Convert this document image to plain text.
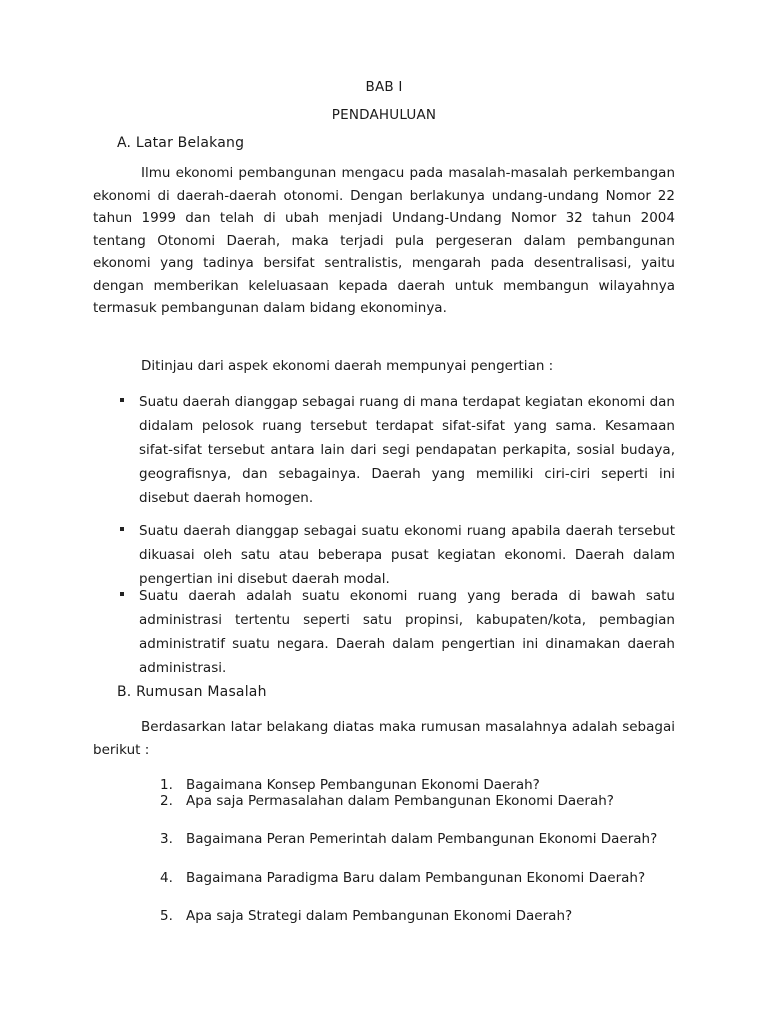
BAB I
PENDAHULUAN
A. Latar Belakang

Ilmu ekonomi pembangunan mengacu pada masalah-masalah perkembangan ekonomi di daerah-daerah otonomi. Dengan berlakunya undang-undang Nomor 22 tahun 1999 dan telah di ubah menjadi Undang-Undang Nomor 32 tahun 2004 tentang Otonomi Daerah, maka terjadi pula pergeseran dalam pembangunan ekonomi yang tadinya bersifat sentralistis, mengarah pada desentralisasi, yaitu dengan memberikan keleluasaan kepada daerah untuk membangun wilayahnya termasuk pembangunan dalam bidang ekonominya.

Ditinjau dari aspek ekonomi daerah mempunyai pengertian :

Suatu daerah dianggap sebagai ruang di mana terdapat kegiatan ekonomi dan didalam pelosok ruang tersebut terdapat sifat-sifat yang sama. Kesamaan sifat-sifat tersebut antara lain dari segi pendapatan perkapita, sosial budaya, geografisnya, dan sebagainya. Daerah yang memiliki ciri-ciri seperti ini disebut daerah homogen.

Suatu daerah dianggap sebagai suatu ekonomi ruang apabila daerah tersebut dikuasai oleh satu atau beberapa pusat kegiatan ekonomi. Daerah dalam pengertian ini disebut daerah modal.

Suatu daerah adalah suatu ekonomi ruang yang berada di bawah satu administrasi tertentu seperti satu propinsi, kabupaten/kota, pembagian administratif suatu negara. Daerah dalam pengertian ini dinamakan daerah administrasi.

B. Rumusan Masalah

Berdasarkan latar belakang diatas maka rumusan masalahnya adalah sebagai berikut :

1. Bagaimana Konsep Pembangunan Ekonomi Daerah?

2. Apa saja Permasalahan dalam Pembangunan Ekonomi Daerah?

3. Bagaimana Peran Pemerintah dalam Pembangunan Ekonomi Daerah?

4. Bagaimana Paradigma Baru dalam Pembangunan Ekonomi Daerah?

5. Apa saja Strategi dalam Pembangunan Ekonomi Daerah?
